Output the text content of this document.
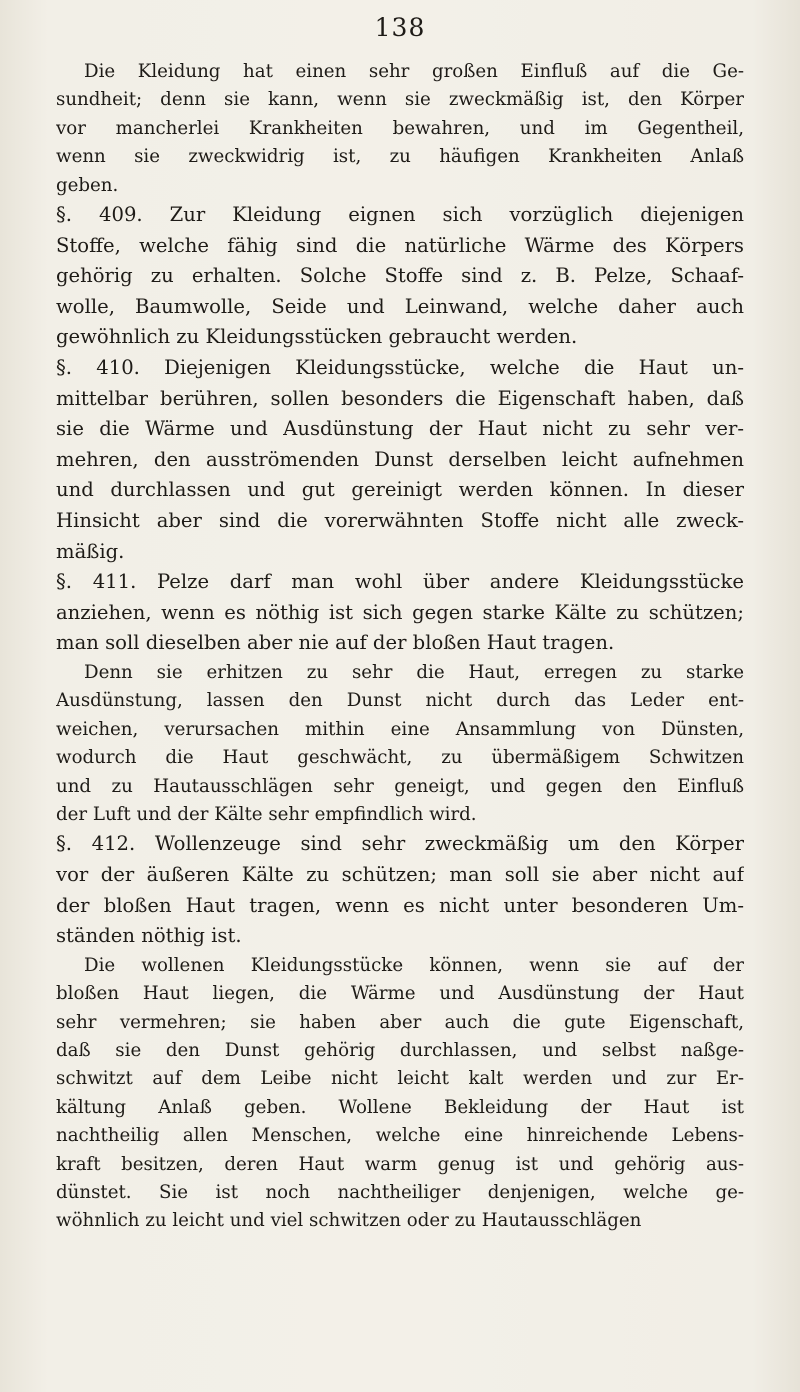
138
Die Kleidung hat einen sehr großen Einfluß auf die Ge-
sundheit; denn sie kann, wenn sie zweckmäßig ist, den Körper
vor mancherlei Krankheiten bewahren, und im Gegentheil,
wenn sie zweckwidrig ist, zu häufigen Krankheiten Anlaß
geben.
§. 409. Zur Kleidung eignen sich vorzüglich diejenigen
Stoffe, welche fähig sind die natürliche Wärme des Körpers
gehörig zu erhalten. Solche Stoffe sind z. B. Pelze, Schaaf-
wolle, Baumwolle, Seide und Leinwand, welche daher auch
gewöhnlich zu Kleidungsstücken gebraucht werden.
§. 410. Diejenigen Kleidungsstücke, welche die Haut un-
mittelbar berühren, sollen besonders die Eigenschaft haben, daß
sie die Wärme und Ausdünstung der Haut nicht zu sehr ver-
mehren, den ausströmenden Dunst derselben leicht aufnehmen
und durchlassen und gut gereinigt werden können. In dieser
Hinsicht aber sind die vorerwähnten Stoffe nicht alle zweck-
mäßig.
§. 411. Pelze darf man wohl über andere Kleidungsstücke
anziehen, wenn es nöthig ist sich gegen starke Kälte zu schützen;
man soll dieselben aber nie auf der bloßen Haut tragen.
Denn sie erhitzen zu sehr die Haut, erregen zu starke
Ausdünstung, lassen den Dunst nicht durch das Leder ent-
weichen, verursachen mithin eine Ansammlung von Dünsten,
wodurch die Haut geschwächt, zu übermäßigem Schwitzen
und zu Hautausschlägen sehr geneigt, und gegen den Einfluß
der Luft und der Kälte sehr empfindlich wird.
§. 412. Wollenzeuge sind sehr zweckmäßig um den Körper
vor der äußeren Kälte zu schützen; man soll sie aber nicht auf
der bloßen Haut tragen, wenn es nicht unter besonderen Um-
ständen nöthig ist.
Die wollenen Kleidungsstücke können, wenn sie auf der
bloßen Haut liegen, die Wärme und Ausdünstung der Haut
sehr vermehren; sie haben aber auch die gute Eigenschaft,
daß sie den Dunst gehörig durchlassen, und selbst naßge-
schwitzt auf dem Leibe nicht leicht kalt werden und zur Er-
kältung Anlaß geben. Wollene Bekleidung der Haut ist
nachtheilig allen Menschen, welche eine hinreichende Lebens-
kraft besitzen, deren Haut warm genug ist und gehörig aus-
dünstet. Sie ist noch nachtheiliger denjenigen, welche ge-
wöhnlich zu leicht und viel schwitzen oder zu Hautausschlägen
